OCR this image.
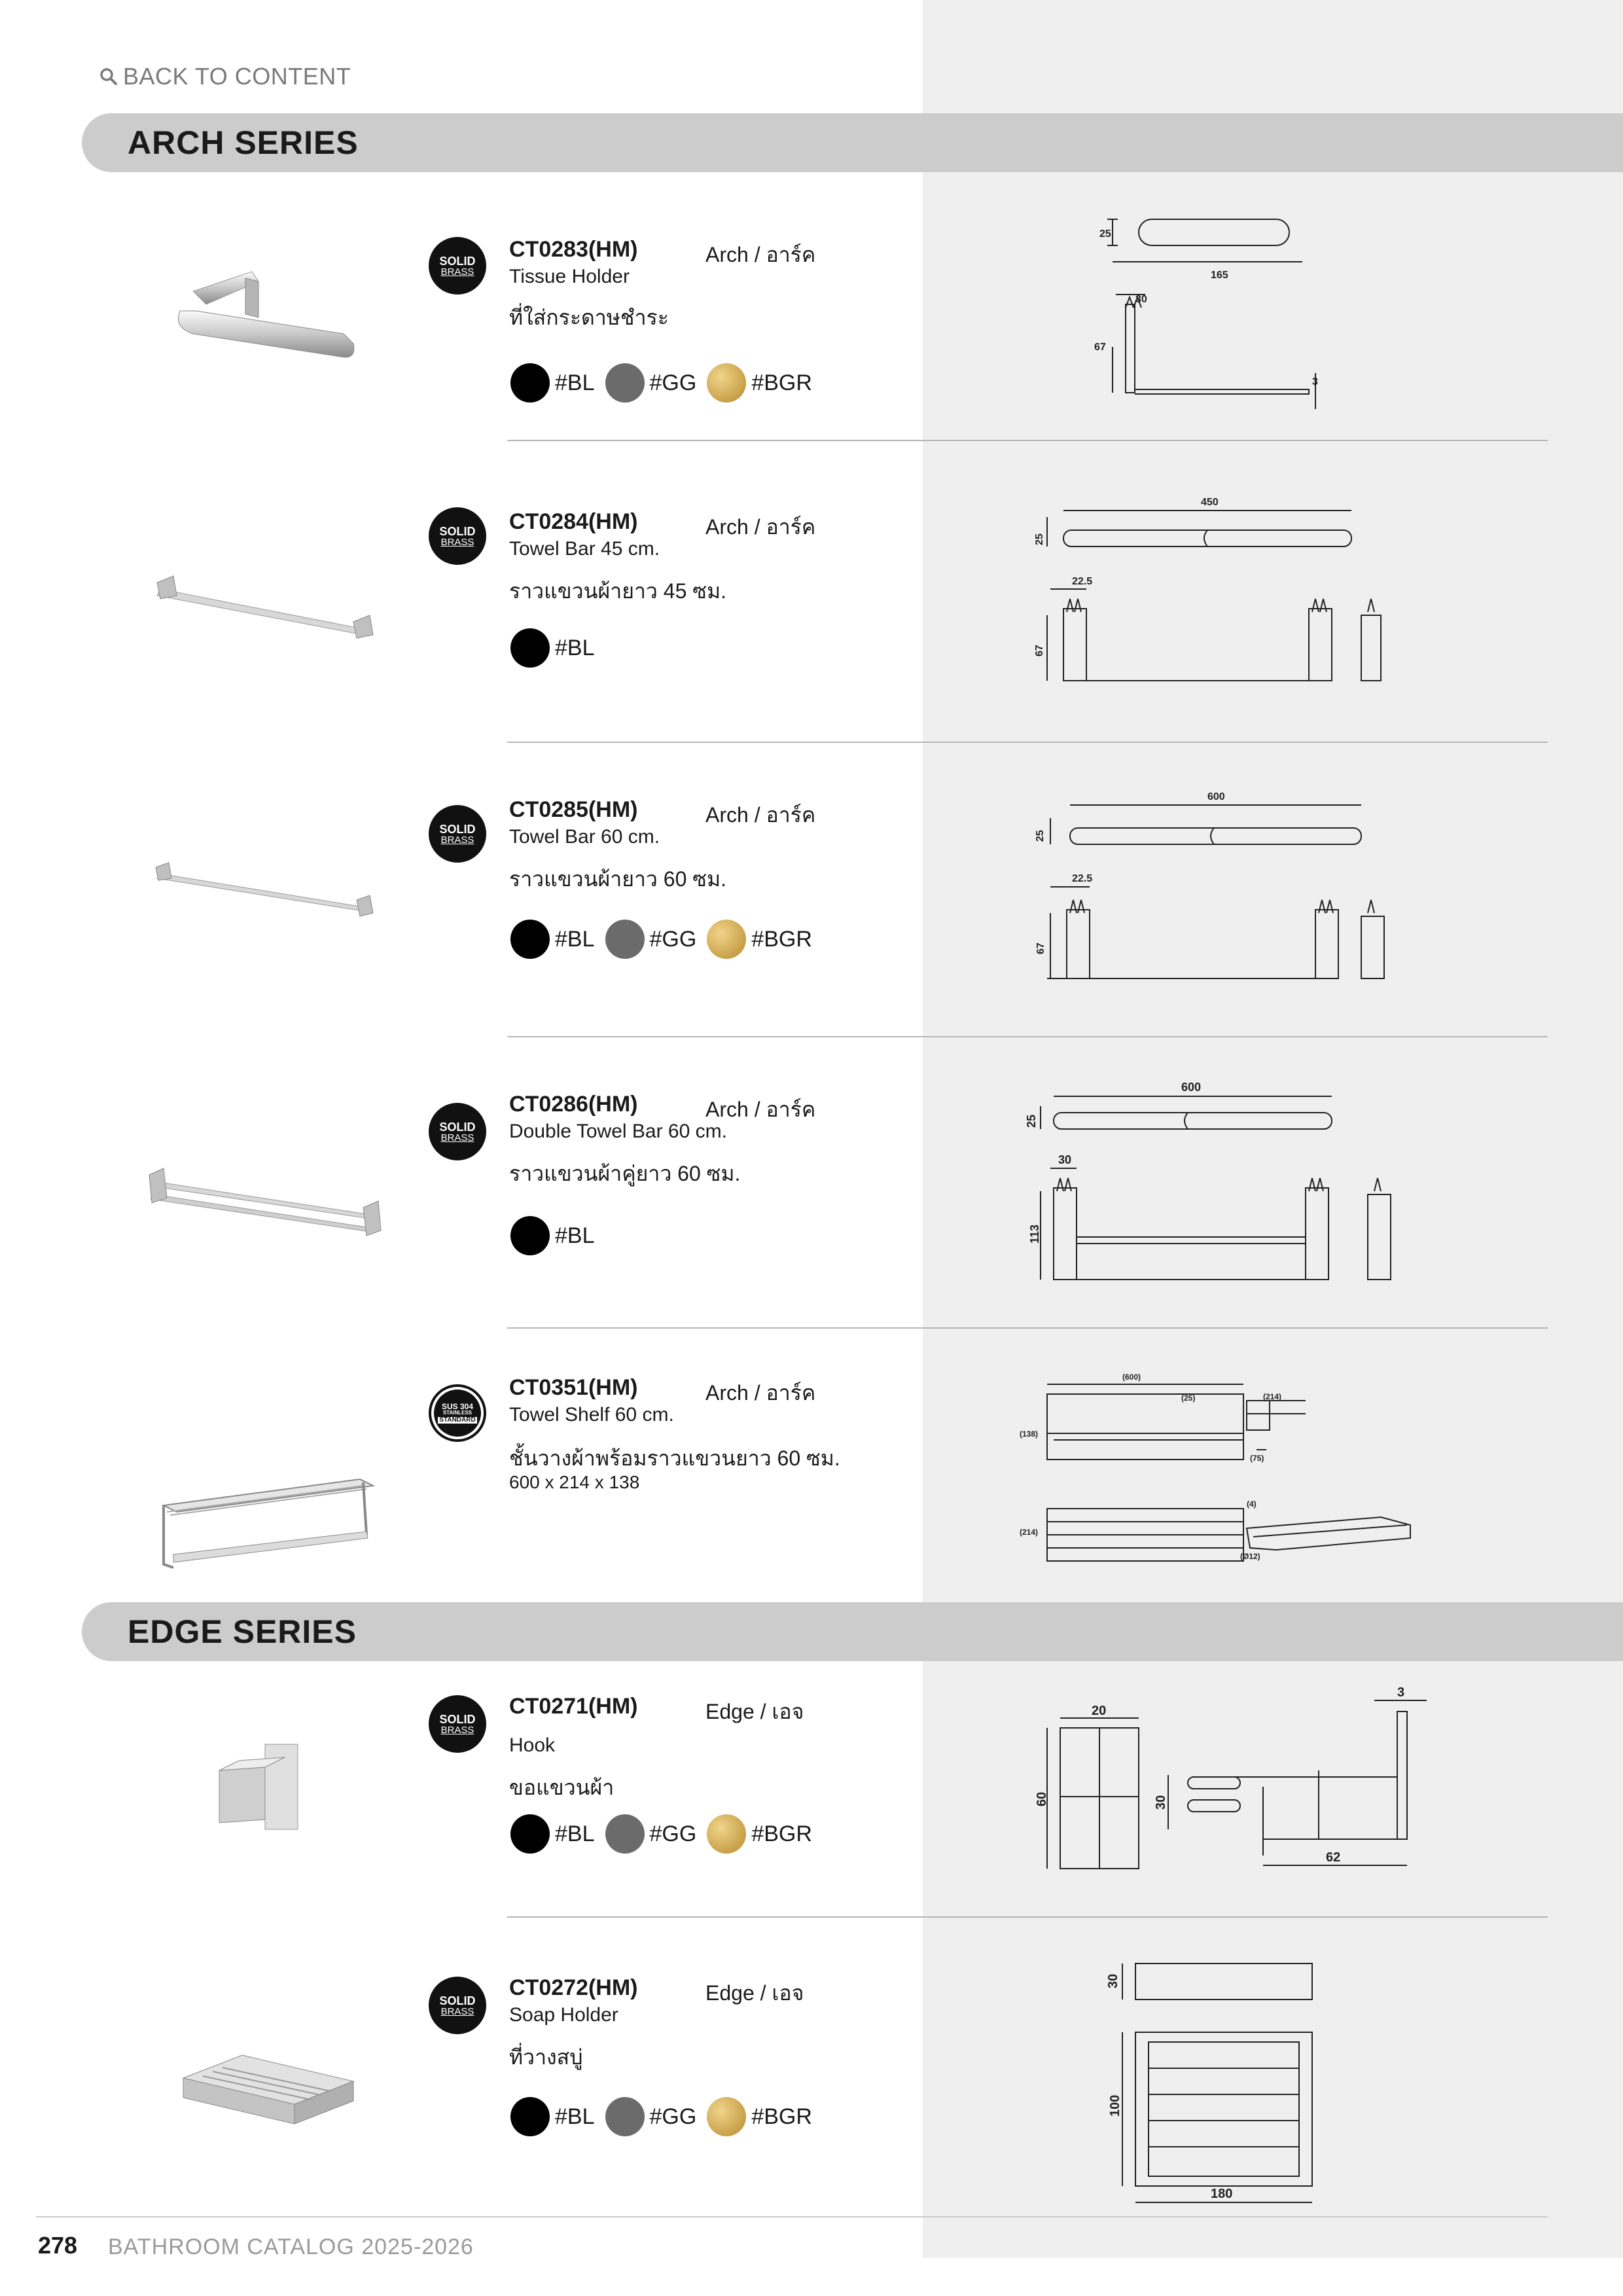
BACK TO CONTENT
ARCH SERIES
SOLID
BRASS
CT0283(HM)	Arch / อาร์ค
Tissue Holder
ที่ใส่กระดาษชำระ
#BL #GG #BGR
25
165
30
67
3
SOLID
BRASS
CT0284(HM)	Arch / อาร์ค
Towel Bar 45 cm.
ราวแขวนผ้ายาว 45 ซม.
#BL
450
25
22.5
67
SOLID
BRASS
CT0285(HM)	Arch / อาร์ค
Towel Bar 60 cm.
ราวแขวนผ้ายาว 60 ซม.
#BL #GG #BGR
600
25
22.5
67
SOLID
BRASS
CT0286(HM)	Arch / อาร์ค
Double Towel Bar 60 cm.
ราวแขวนผ้าคู่ยาว 60 ซม.
#BL
600
25
30
113
SUS 304
STAINLESS
STANDARD
CT0351(HM)	Arch / อาร์ค
Towel Shelf 60 cm.
ชั้นวางผ้าพร้อมราวแขวนยาว 60 ซม.
600 x 214 x 138
(600)
(25)
(138)
(214)
(75)
(214)
(4)
(Ø12)
EDGE SERIES
SOLID
BRASS
CT0271(HM)	Edge / เอจ
Hook
ขอแขวนผ้า
#BL #GG #BGR
20
60	30
62
3
SOLID
BRASS
CT0272(HM)	Edge / เอจ
Soap Holder
ที่วางสบู่
#BL #GG #BGR
30
100
180
278 BATHROOM CATALOG 2025-2026
